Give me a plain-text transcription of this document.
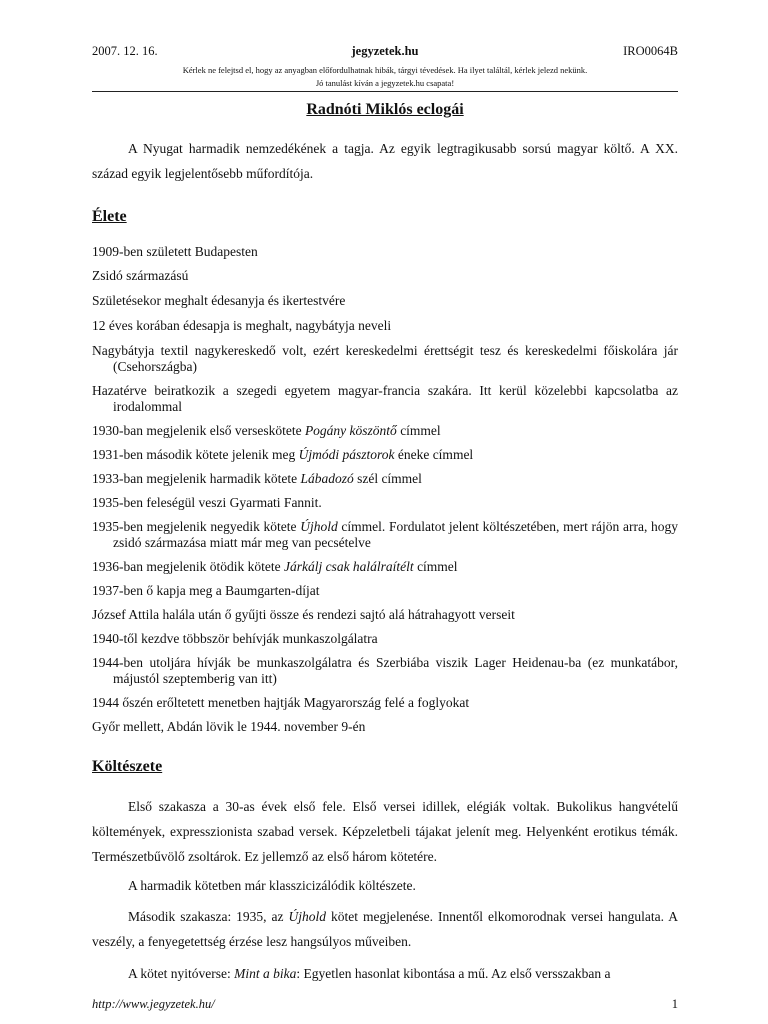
2007. 12. 16.	jegyzetek.hu	IRO0064B
Kérlek ne felejtsd el, hogy az anyagban előfordulhatnak hibák, tárgyi tévedések. Ha ilyet találtál, kérlek jelezd nekünk.
Jó tanulást kíván a jegyzetek.hu csapata!
Radnóti Miklós eclogái
A Nyugat harmadik nemzedékének a tagja. Az egyik legtragikusabb sorsú magyar költő. A XX. század egyik legjelentősebb műfordítója.
Élete
1909-ben született Budapesten
Zsidó származású
Születésekor meghalt édesanyja és ikertestvére
12 éves korában édesapja is meghalt, nagybátyja neveli
Nagybátyja textil nagykereskedő volt, ezért kereskedelmi érettségit tesz és kereskedelmi főiskolára jár (Csehországba)
Hazatérve beiratkozik a szegedi egyetem magyar-francia szakára. Itt kerül közelebbi kapcsolatba az irodalommal
1930-ban megjelenik első verseskötete Pogány köszöntő címmel
1931-ben második kötete jelenik meg Újmódi pásztorok éneke címmel
1933-ban megjelenik harmadik kötete Lábadozó szél címmel
1935-ben feleségül veszi Gyarmati Fannit.
1935-ben megjelenik negyedik kötete Újhold címmel. Fordulatot jelent költészetében, mert rájön arra, hogy zsidó származása miatt már meg van pecsételve
1936-ban megjelenik ötödik kötete Járkálj csak halálraítélt címmel
1937-ben ő kapja meg a Baumgarten-díjat
József Attila halála után ő gyűjti össze és rendezi sajtó alá hátrahagyott verseit
1940-től kezdve többször behívják munkaszolgálatra
1944-ben utoljára hívják be munkaszolgálatra és Szerbiába viszik Lager Heidenau-ba (ez munkatábor, májustól szeptemberig van itt)
1944 őszén erőltetett menetben hajtják Magyarország felé a foglyokat
Győr mellett, Abdán lövik le 1944. november 9-én
Költészete
Első szakasza a 30-as évek első fele. Első versei idillek, elégiák voltak. Bukolikus hangvételű költemények, expresszionista szabad versek. Képzeletbeli tájakat jelenít meg. Helyenként erotikus témák. Természetbűvölő zsoltárok. Ez jellemző az első három kötetére.
A harmadik kötetben már klasszicizálódik költészete.
Második szakasza: 1935, az Újhold kötet megjelenése. Innentől elkomorodnak versei hangulata. A veszély, a fenyegetettség érzése lesz hangsúlyos műveiben.
A kötet nyitóverse: Mint a bika: Egyetlen hasonlat kibontása a mű. Az első versszakban a
http://www.jegyzetek.hu/	1
